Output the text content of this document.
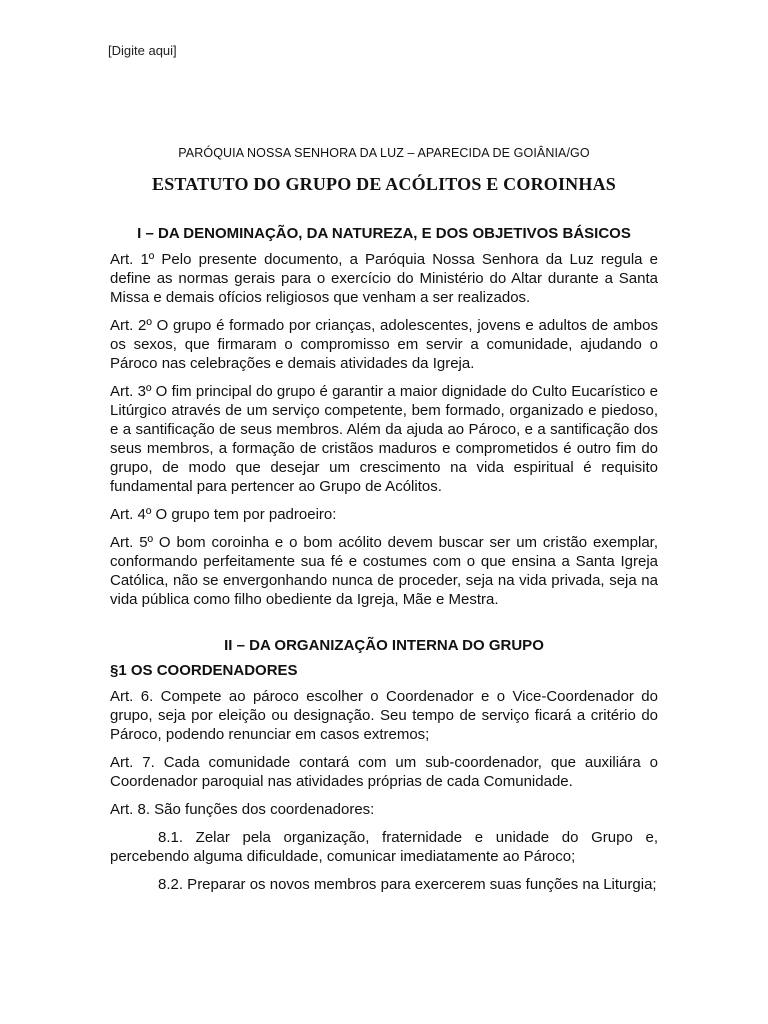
[Digite aqui]
PARÓQUIA NOSSA SENHORA DA LUZ – APARECIDA DE GOIÂNIA/GO
ESTATUTO DO GRUPO DE ACÓLITOS E COROINHAS
I – DA DENOMINAÇÃO, DA NATUREZA, E DOS OBJETIVOS BÁSICOS

Art. 1º Pelo presente documento, a Paróquia Nossa Senhora da Luz regula e define as normas gerais para o exercício do Ministério do Altar durante a Santa Missa e demais ofícios religiosos que venham a ser realizados.

Art. 2º O grupo é formado por crianças, adolescentes, jovens e adultos de ambos os sexos, que firmaram o compromisso em servir a comunidade, ajudando o Pároco nas celebrações e demais atividades da Igreja.

Art. 3º O fim principal do grupo é garantir a maior dignidade do Culto Eucarístico e Litúrgico através de um serviço competente, bem formado, organizado e piedoso, e a santificação de seus membros. Além da ajuda ao Pároco, e a santificação dos seus membros, a formação de cristãos maduros e comprometidos é outro fim do grupo, de modo que desejar um crescimento na vida espiritual é requisito fundamental para pertencer ao Grupo de Acólitos.

Art. 4º O grupo tem por padroeiro:

Art. 5º O bom coroinha e o bom acólito devem buscar ser um cristão exemplar, conformando perfeitamente sua fé e costumes com o que ensina a Santa Igreja Católica, não se envergonhando nunca de proceder, seja na vida privada, seja na vida pública como filho obediente da Igreja, Mãe e Mestra.

II – DA ORGANIZAÇÃO INTERNA DO GRUPO
§1 OS COORDENADORES

Art. 6. Compete ao pároco escolher o Coordenador e o Vice-Coordenador do grupo, seja por eleição ou designação. Seu tempo de serviço ficará a critério do Pároco, podendo renunciar em casos extremos;

Art. 7. Cada comunidade contará com um sub-coordenador, que auxiliára o Coordenador paroquial nas atividades próprias de cada Comunidade.

Art. 8. São funções dos coordenadores:

8.1. Zelar pela organização, fraternidade e unidade do Grupo e, percebendo alguma dificuldade, comunicar imediatamente ao Pároco;

8.2. Preparar os novos membros para exercerem suas funções na Liturgia;
